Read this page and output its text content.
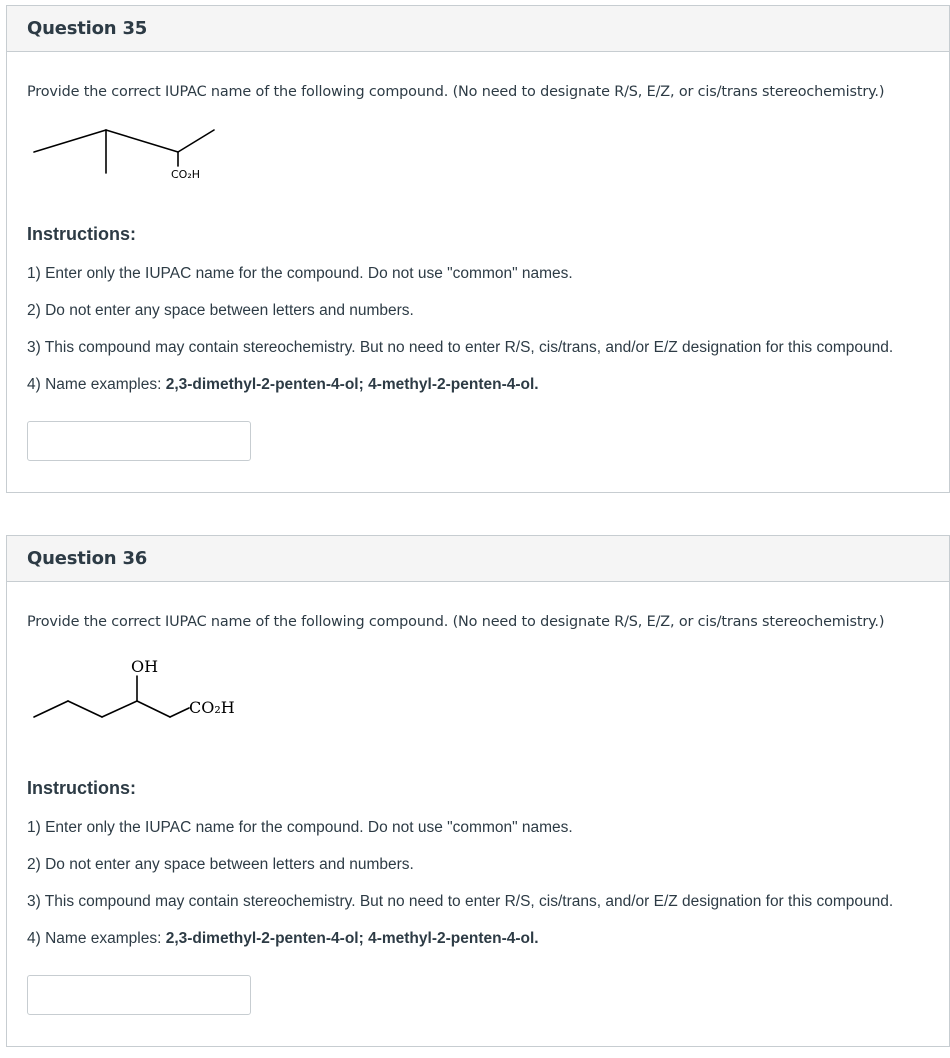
Question 35
Provide the correct IUPAC name of the following compound. (No need to designate R/S, E/Z, or cis/trans stereochemistry.)
CO₂H
Instructions:
1) Enter only the IUPAC name for the compound. Do not use "common" names.
2) Do not enter any space between letters and numbers.
3) This compound may contain stereochemistry. But no need to enter R/S, cis/trans, and/or E/Z designation for this compound.
4) Name examples: 2,3-dimethyl-2-penten-4-ol; 4-methyl-2-penten-4-ol.
Question 36
Provide the correct IUPAC name of the following compound. (No need to designate R/S, E/Z, or cis/trans stereochemistry.)
OH
CO₂H
Instructions:
1) Enter only the IUPAC name for the compound. Do not use "common" names.
2) Do not enter any space between letters and numbers.
3) This compound may contain stereochemistry. But no need to enter R/S, cis/trans, and/or E/Z designation for this compound.
4) Name examples: 2,3-dimethyl-2-penten-4-ol; 4-methyl-2-penten-4-ol.
